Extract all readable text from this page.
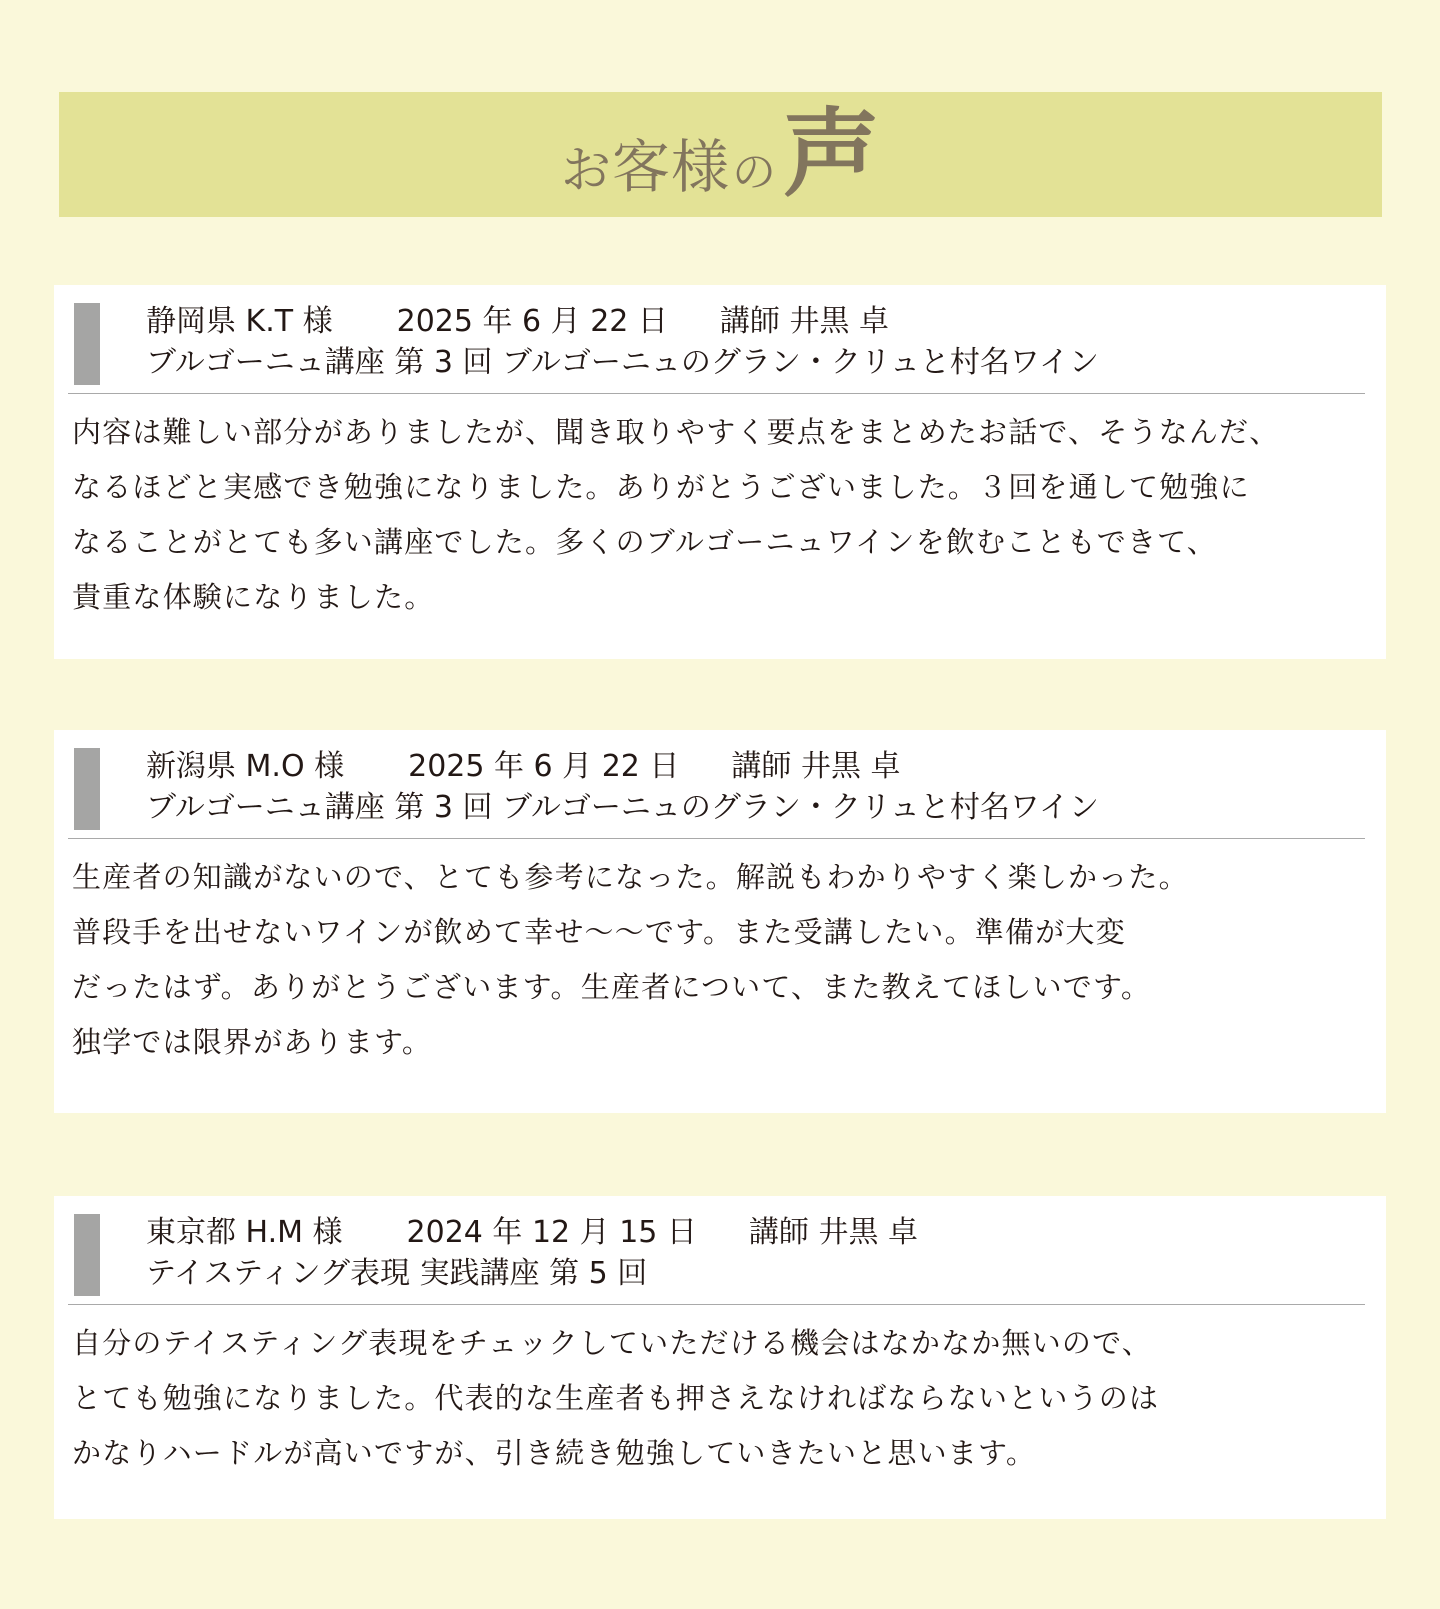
お 客様 の 声
静岡県 K.T 様 2025 年 6 月 22 日 講師 井黒 卓
ブルゴーニュ講座 第 3 回 ブルゴーニュのグラン・クリュと村名ワイン

内容は難しい部分がありましたが、聞き取りやすく要点をまとめたお話で、そうなんだ、

なるほどと実感でき勉強になりました。ありがとうございました。３回を通して勉強に

なることがとても多い講座でした。多くのブルゴーニュワインを飲むこともできて、

貴重な体験になりました。

新潟県 M.O 様 2025 年 6 月 22 日 講師 井黒 卓
ブルゴーニュ講座 第 3 回 ブルゴーニュのグラン・クリュと村名ワイン

生産者の知識がないので、とても参考になった。解説もわかりやすく楽しかった。

普段手を出せないワインが飲めて幸せ〜〜です。また受講したい。準備が大変

だったはず。ありがとうございます。生産者について、また教えてほしいです。

独学では限界があります。

東京都 H.M 様 2024 年 12 月 15 日 講師 井黒 卓
テイスティング表現 実践講座 第 5 回

自分のテイスティング表現をチェックしていただける機会はなかなか無いので、

とても勉強になりました。代表的な生産者も押さえなければならないというのは

かなりハードルが高いですが、引き続き勉強していきたいと思います。
